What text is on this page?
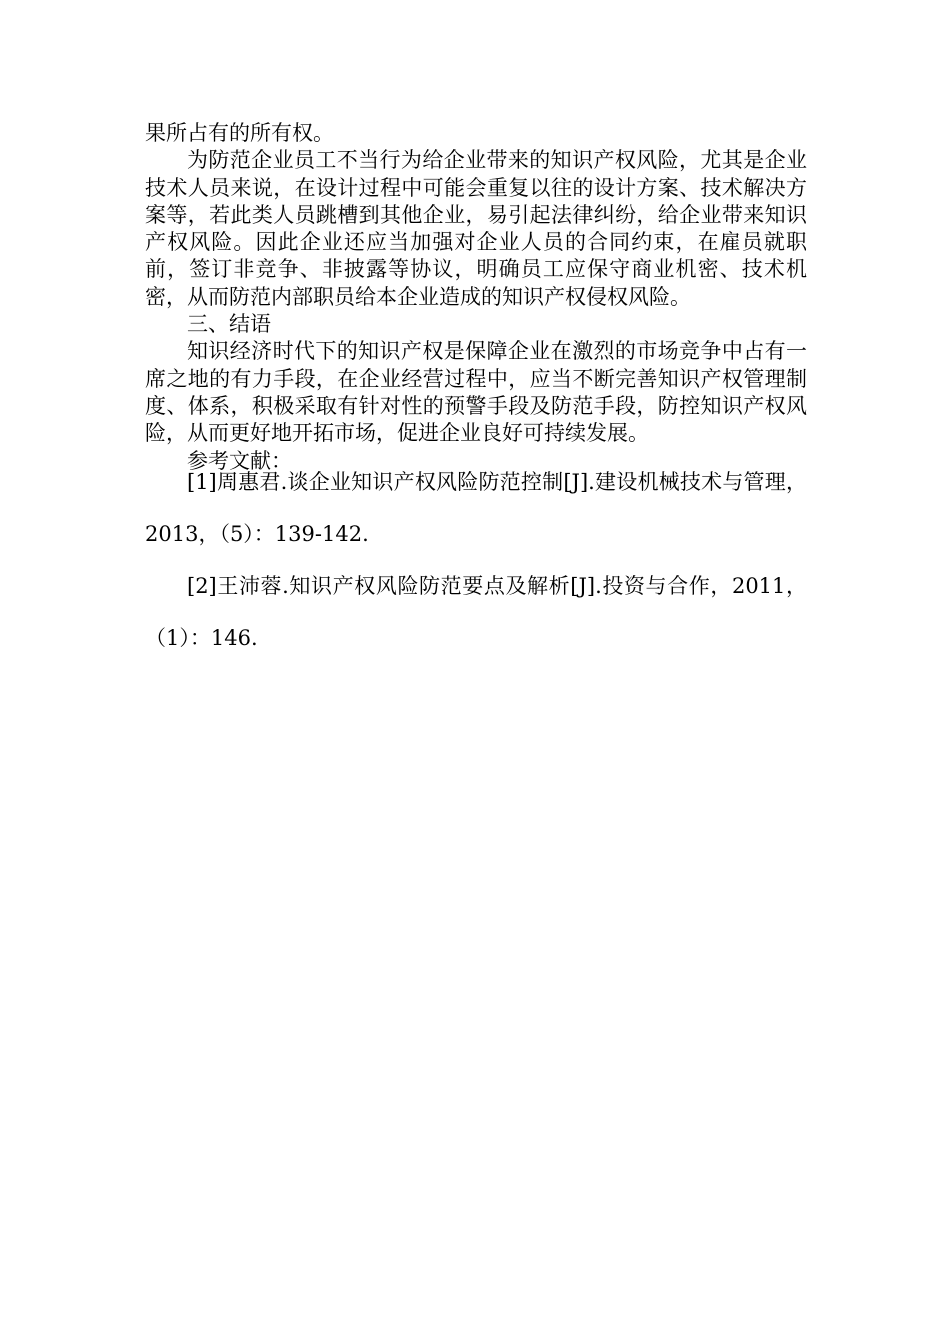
果所占有的所有权。

为防范企业员工不当行为给企业带来的知识产权风险，尤其是企业技术人员来说，在设计过程中可能会重复以往的设计方案、技术解决方案等，若此类人员跳槽到其他企业，易引起法律纠纷，给企业带来知识产权风险。因此企业还应当加强对企业人员的合同约束，在雇员就职前，签订非竞争、非披露等协议，明确员工应保守商业机密、技术机密，从而防范内部职员给本企业造成的知识产权侵权风险。

三、结语

知识经济时代下的知识产权是保障企业在激烈的市场竞争中占有一席之地的有力手段，在企业经营过程中，应当不断完善知识产权管理制度、体系，积极采取有针对性的预警手段及防范手段，防控知识产权风险，从而更好地开拓市场，促进企业良好可持续发展。

参考文献：

[1]周惠君.谈企业知识产权风险防范控制[J].建设机械技术与管理，2013，（5）：139-142.

[2]王沛蓉.知识产权风险防范要点及解析[J].投资与合作，2011，（1）：146.
